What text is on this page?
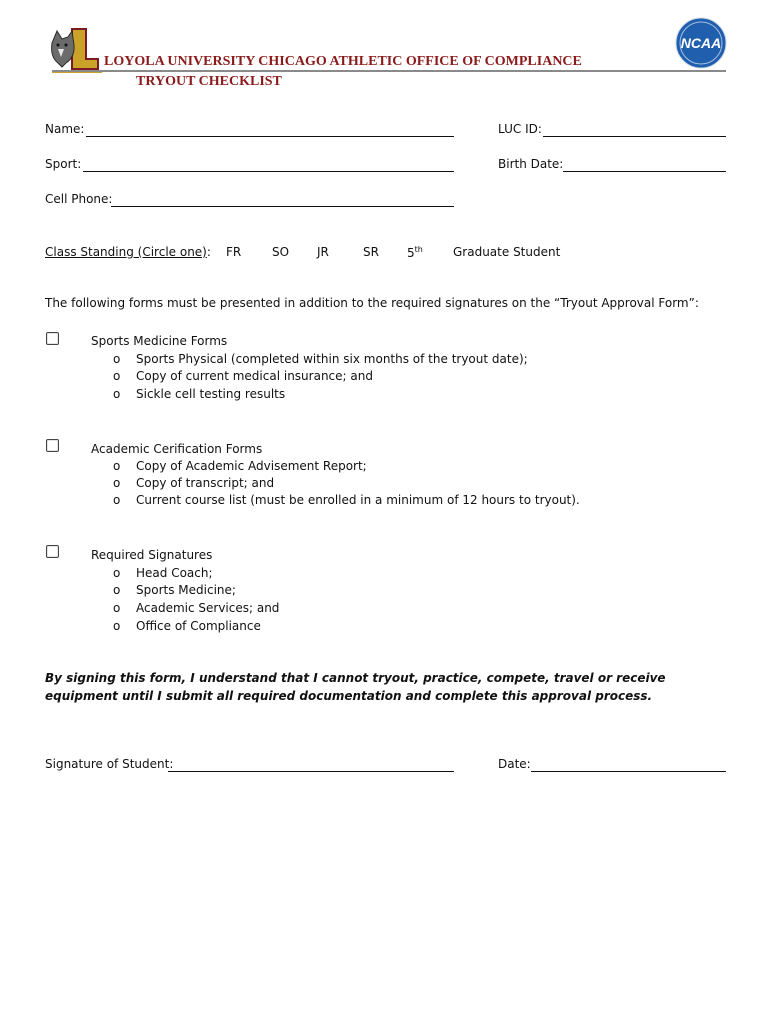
LOYOLA UNIVERSITY CHICAGO ATHLETIC OFFICE OF COMPLIANCE
TRYOUT CHECKLIST
NCAA
Name:	LUC ID:
Sport:	Birth Date:
Cell Phone:
Class Standing (Circle one): FR	SO JR	SR 5th	Graduate Student
The following forms must be presented in addition to the required signatures on the “Tryout Approval Form”:
Sports Medicine Forms
o Sports Physical (completed within six months of the tryout date);
o Copy of current medical insurance; and
o Sickle cell testing results
Academic Cerification Forms
o Copy of Academic Advisement Report;
o Copy of transcript; and
o Current course list (must be enrolled in a minimum of 12 hours to tryout).
Required Signatures
o Head Coach;
o Sports Medicine;
o Academic Services; and
o Office of Compliance
By signing this form, I understand that I cannot tryout, practice, compete, travel or receive equipment until I submit all required documentation and complete this approval process.
Signature of Student:	Date:
